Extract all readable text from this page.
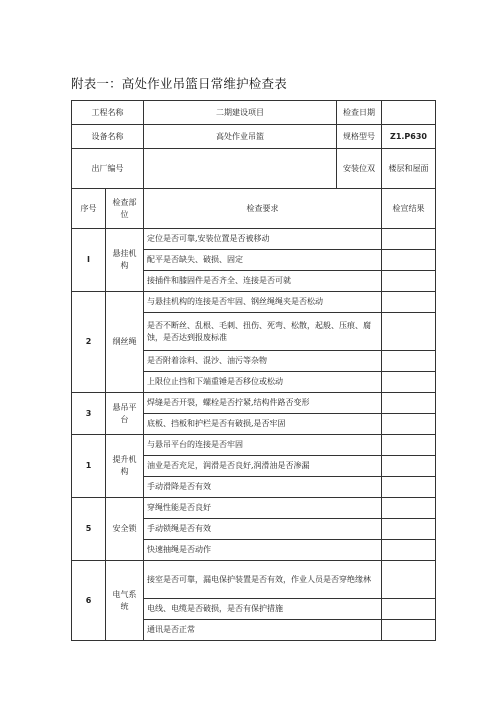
附表一：高处作业吊篮日常维护检查表
工程名称		二期建设项目	检查日期	
设备名称		高处作业吊篮	规格型号	Z1.P630
出厂编号			安装位双	楼层和屋面
序号	检查部位	检查要求		检宣结果
I	悬挂机构	定位是否可靠,安装位置是否被移动		
		配平是否缺失、破损、固定		
		接插件和膝固件是否齐全、连接是否可就		
2	纲丝绳	与悬挂机构的连接是否牢固、钢丝绳绳夹是否松动		
		是否不断丝、乱根、毛刺、扭伤、死弯、松散，起般、压痕、腐蚀，是否达到报废标准		
		是否附着涂料、混沙、油污等杂物		
		上限位止挡和下端重锤是否移位或松动		
3	悬吊平台	焊缝是否开裂，螺栓是否拧紧,结构件路否变形		
		底板、挡板和护栏是否有破损,是否牢固		
1	提升机构	与悬吊平台的连接是否牢固		
		油业是否充足，润滑是否良好,润滑油是否渗漏		
		手动滑降是否有效		
5	安全锁	穿绳性能是否良好		
		手动锁绳是否有效		
		快速抽绳是否动作		
6	电气系统	接室是否可靠，漏电保护装置是否有效，作业人员是否穿绝缘林		
		电线、电缆是否破损，是否有保护措施		
		通讯是否正常		
